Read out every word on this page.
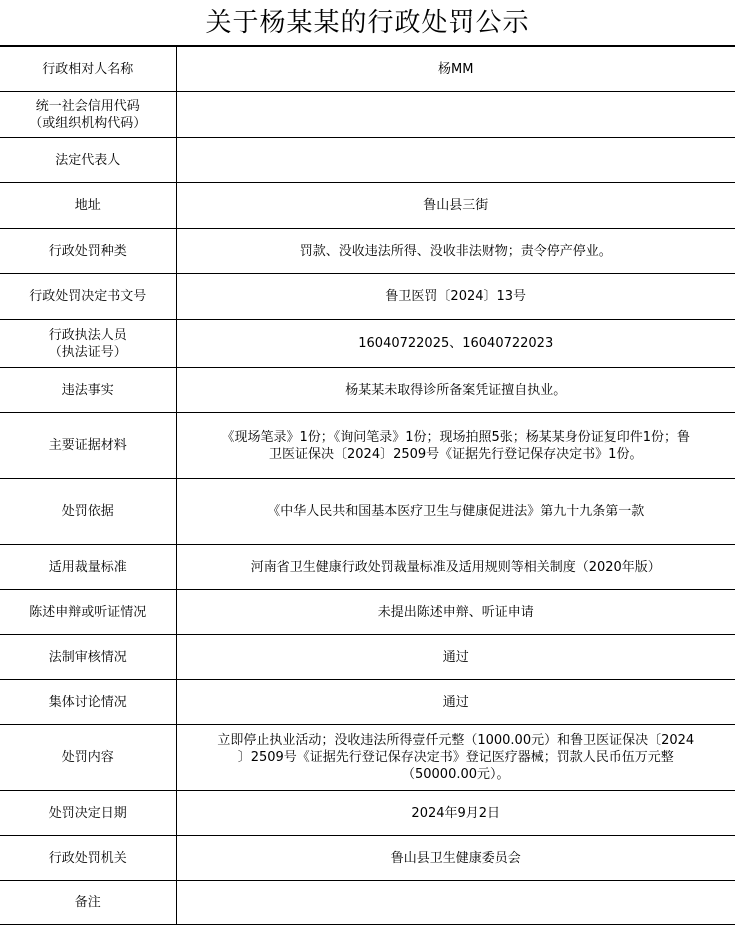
关于杨某某的行政处罚公示
行政相对人名称	杨MM
统一社会信用代码
（或组织机构代码）	
法定代表人	
地址	鲁山县三街
行政处罚种类	罚款、没收违法所得、没收非法财物；责令停产停业。
行政处罚决定书文号	鲁卫医罚〔2024〕13号
行政执法人员
（执法证号）	16040722025、16040722023
违法事实	杨某某未取得诊所备案凭证擅自执业。
主要证据材料	《现场笔录》1份；《询问笔录》1份；现场拍照5张；杨某某身份证复印件1份；鲁
卫医证保决〔2024〕2509号《证据先行登记保存决定书》1份。
处罚依据	《中华人民共和国基本医疗卫生与健康促进法》第九十九条第一款
适用裁量标准	河南省卫生健康行政处罚裁量标准及适用规则等相关制度（2020年版）
陈述申辩或听证情况	未提出陈述申辩、听证申请
法制审核情况	通过
集体讨论情况	通过
处罚内容	立即停止执业活动；没收违法所得壹仟元整（1000.00元）和鲁卫医证保决〔2024
〕2509号《证据先行登记保存决定书》登记医疗器械；罚款人民币伍万元整
（50000.00元）。
处罚决定日期	2024年9月2日
行政处罚机关	鲁山县卫生健康委员会
备注	
